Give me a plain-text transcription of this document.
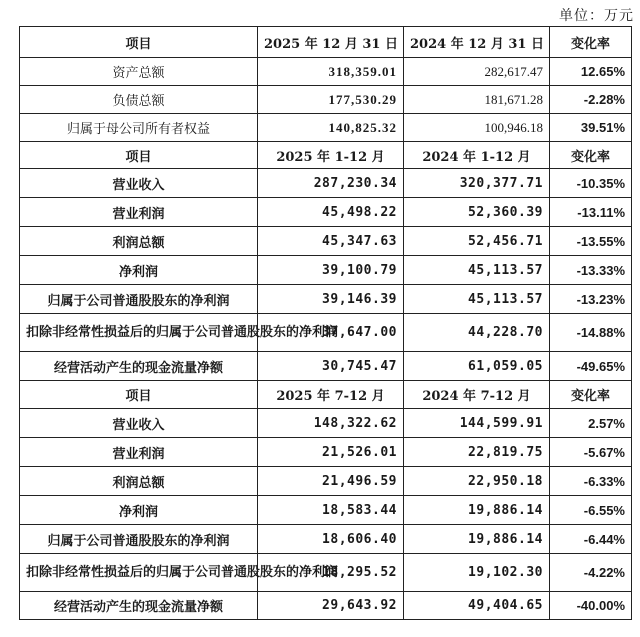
单位：万元
项目	2025 年 12 月 31 日	2024 年 12 月 31 日	变化率
资产总额	318,359.01	282,617.47	12.65%
负债总额	177,530.29	181,671.28	-2.28%
归属于母公司所有者权益	140,825.32	100,946.18	39.51%
项目	2025 年 1-12 月	2024 年 1-12 月	变化率
营业收入	287,230.34	320,377.71	-10.35%
营业利润	45,498.22	52,360.39	-13.11%
利润总额	45,347.63	52,456.71	-13.55%
净利润	39,100.79	45,113.57	-13.33%
归属于公司普通股股东的净利润	39,146.39	45,113.57	-13.23%
扣除非经常性损益后的归属于公司普通股股东的净利润	37,647.00	44,228.70	-14.88%
经营活动产生的现金流量净额	30,745.47	61,059.05	-49.65%
项目	2025 年 7-12 月	2024 年 7-12 月	变化率
营业收入	148,322.62	144,599.91	2.57%
营业利润	21,526.01	22,819.75	-5.67%
利润总额	21,496.59	22,950.18	-6.33%
净利润	18,583.44	19,886.14	-6.55%
归属于公司普通股股东的净利润	18,606.40	19,886.14	-6.44%
扣除非经常性损益后的归属于公司普通股股东的净利润	18,295.52	19,102.30	-4.22%
经营活动产生的现金流量净额	29,643.92	49,404.65	-40.00%
